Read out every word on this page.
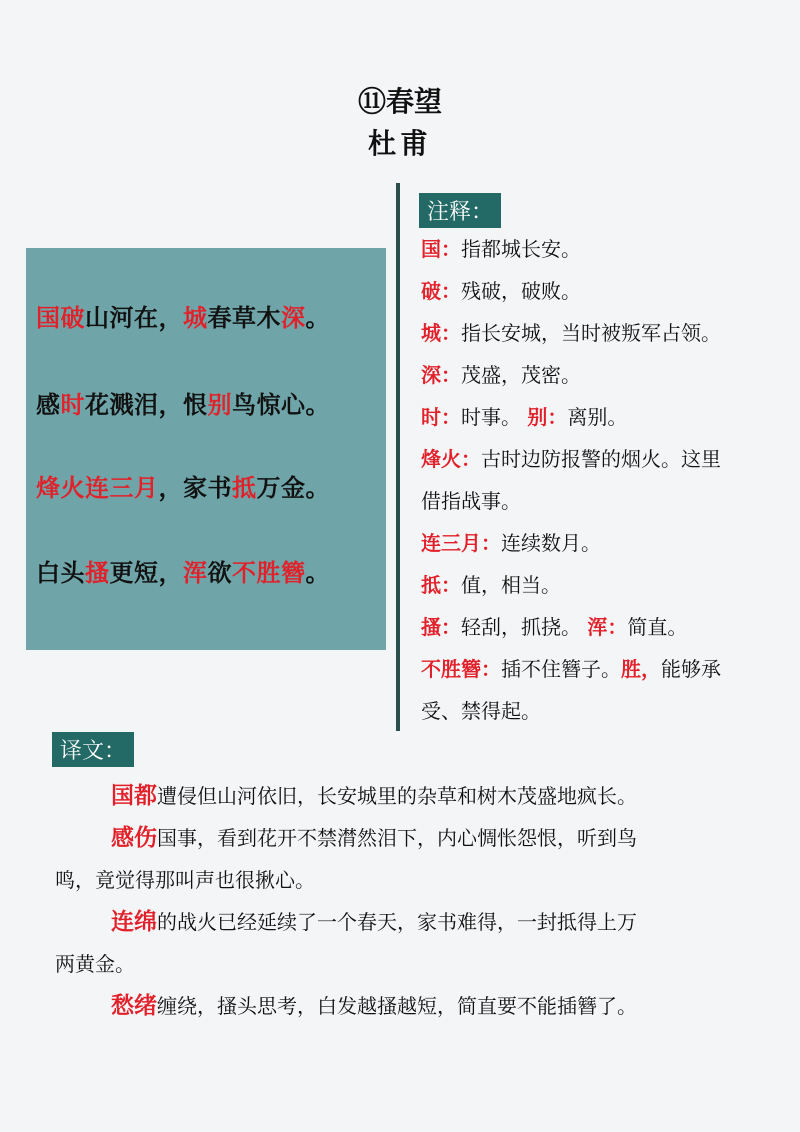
⑪春望
杜甫
国破山河在，城春草木深。
感时花溅泪，恨别鸟惊心。
烽火连三月，家书抵万金。
白头搔更短，浑欲不胜簪。
注释：
国：指都城长安。
破：残破，破败。
城：指长安城，当时被叛军占领。
深：茂盛，茂密。
时：时事。 别：离别。
烽火：古时边防报警的烟火。这里
借指战事。
连三月：连续数月。
抵：值，相当。
搔：轻刮，抓挠。 浑：简直。
不胜簪：插不住簪子。胜，能够承
受、禁得起。
译文：
国都遭侵但山河依旧，长安城里的杂草和树木茂盛地疯长。
感伤国事，看到花开不禁潸然泪下，内心惆怅怨恨，听到鸟
鸣，竟觉得那叫声也很揪心。
连绵的战火已经延续了一个春天，家书难得，一封抵得上万
两黄金。
愁绪缠绕，搔头思考，白发越搔越短，简直要不能插簪了。
